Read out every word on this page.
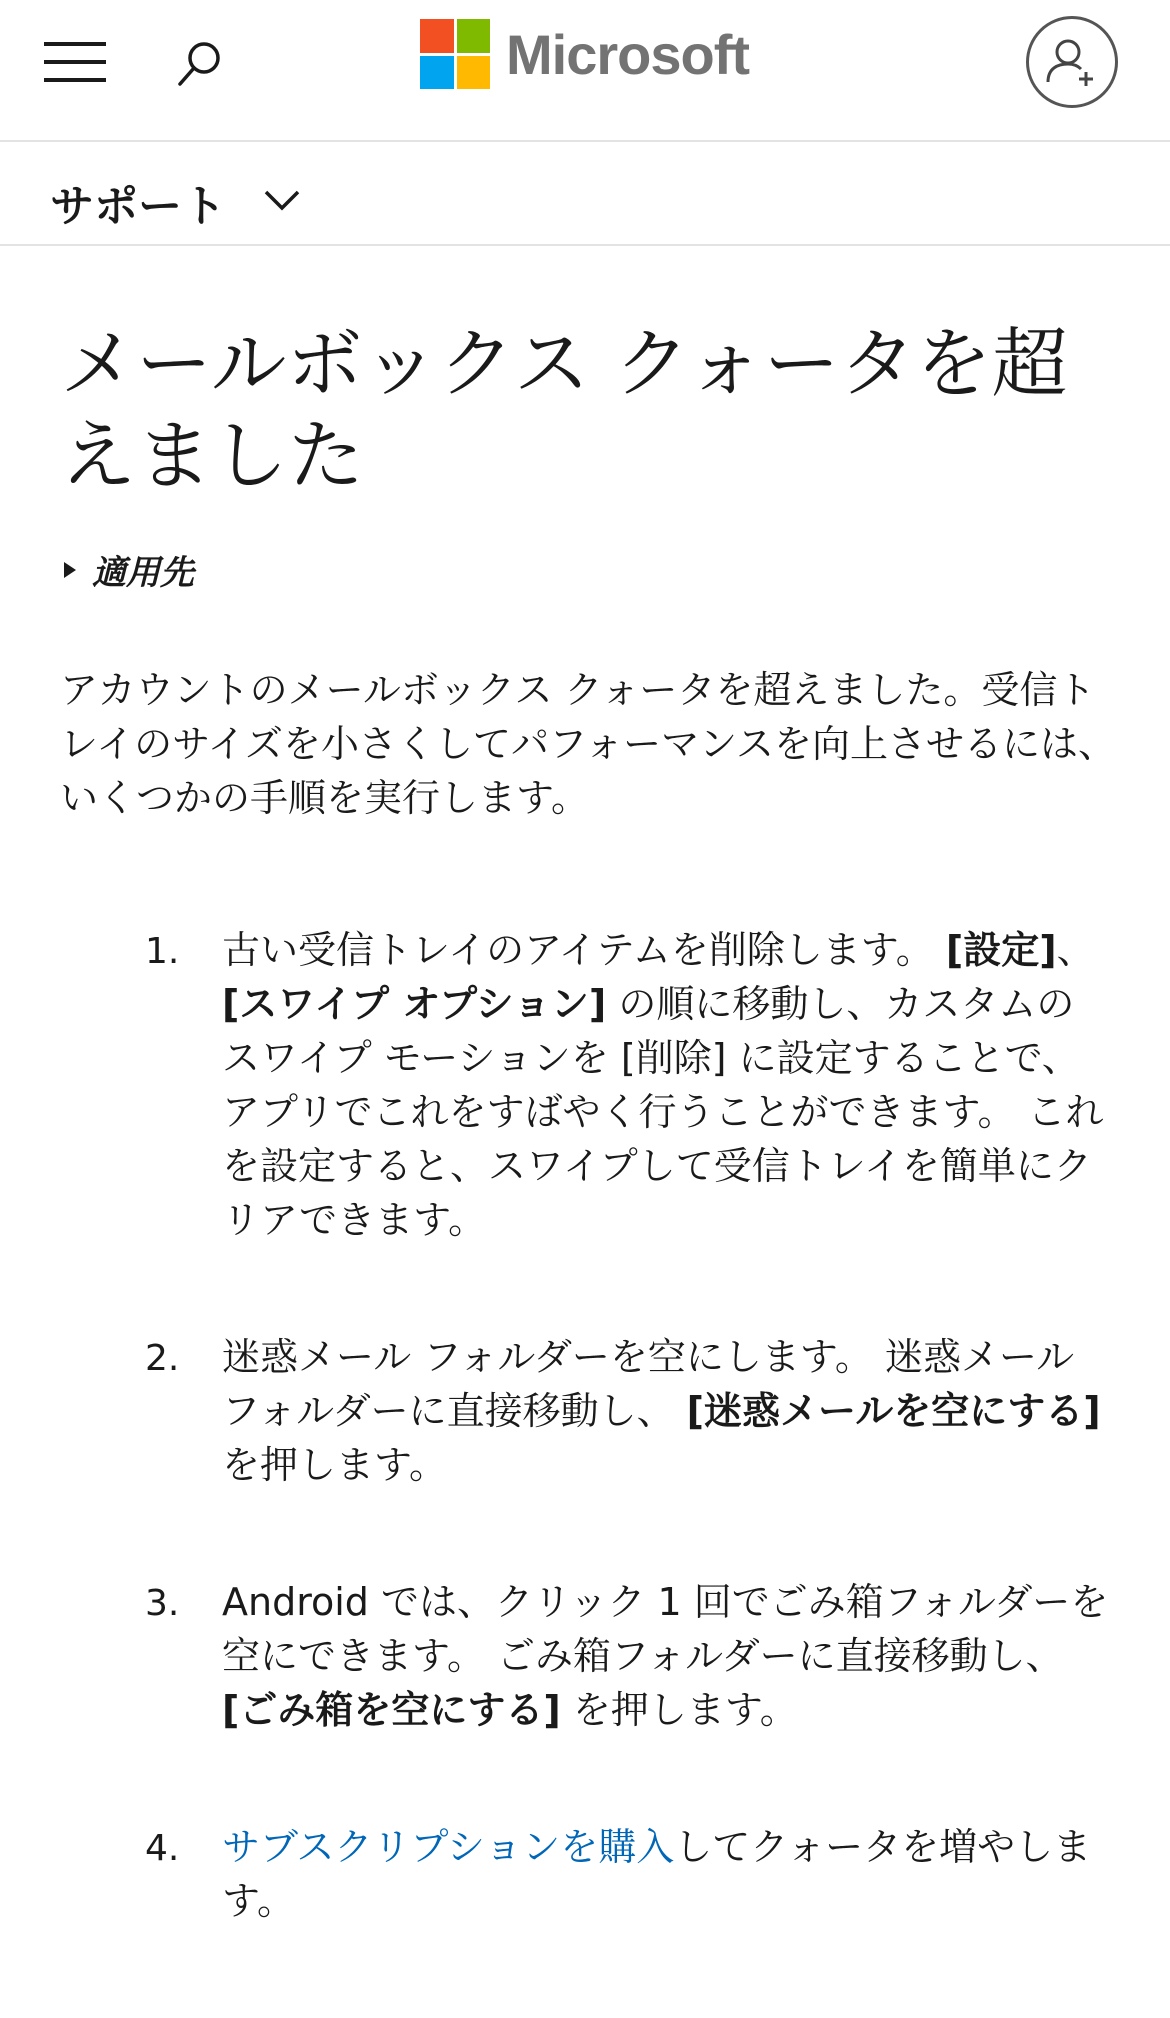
Microsoft
サポート
メールボックス クォータを超えました
適用先

アカウントのメールボックス クォータを超えました。受信トレイのサイズを小さくしてパフォーマンスを向上させるには、いくつかの手順を実行します。

1. 古い受信トレイのアイテムを削除します。 [設定]、[スワイプ オプション] の順に移動し、カスタムのスワイプ モーションを [削除] に設定することで、アプリでこれをすばやく行うことができます。 これを設定すると、スワイプして受信トレイを簡単にクリアできます。
2. 迷惑メール フォルダーを空にします。 迷惑メール フォルダーに直接移動し、 [迷惑メールを空にする] を押します。
3. Android では、クリック 1 回でごみ箱フォルダーを空にできます。 ごみ箱フォルダーに直接移動し、[ごみ箱を空にする] を押します。
4. サブスクリプションを購入してクォータを増やします。
